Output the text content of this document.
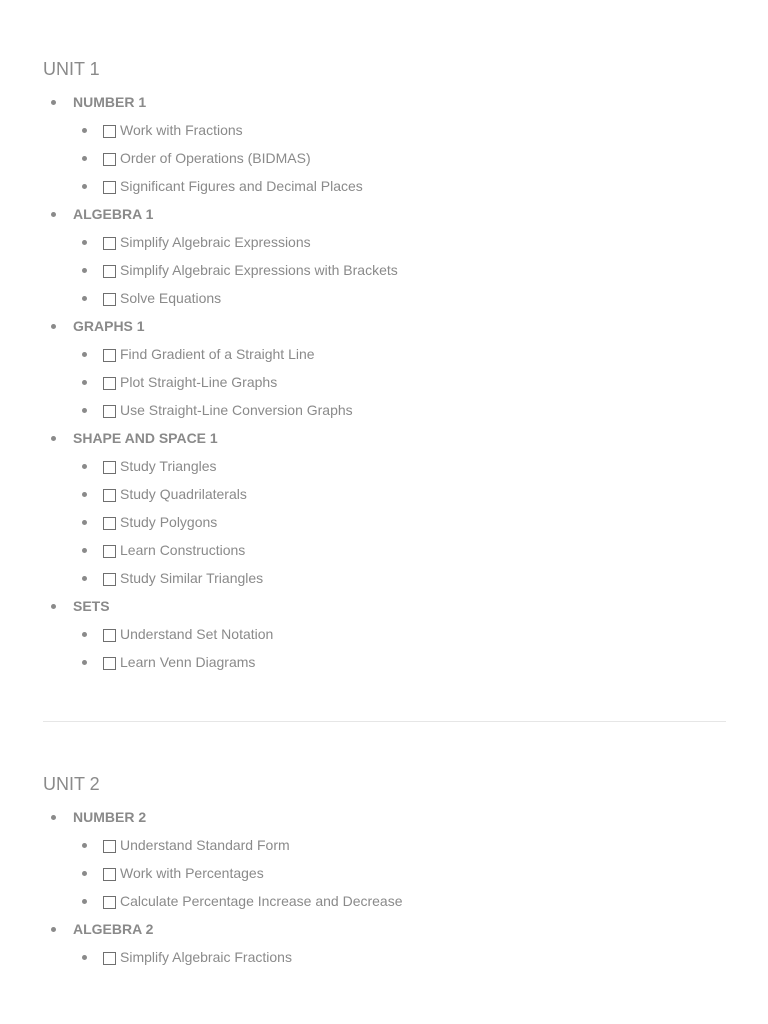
UNIT 1
NUMBER 1
Work with Fractions
Order of Operations (BIDMAS)
Significant Figures and Decimal Places
ALGEBRA 1
Simplify Algebraic Expressions
Simplify Algebraic Expressions with Brackets
Solve Equations
GRAPHS 1
Find Gradient of a Straight Line
Plot Straight-Line Graphs
Use Straight-Line Conversion Graphs
SHAPE AND SPACE 1
Study Triangles
Study Quadrilaterals
Study Polygons
Learn Constructions
Study Similar Triangles
SETS
Understand Set Notation
Learn Venn Diagrams
UNIT 2
NUMBER 2
Understand Standard Form
Work with Percentages
Calculate Percentage Increase and Decrease
ALGEBRA 2
Simplify Algebraic Fractions
